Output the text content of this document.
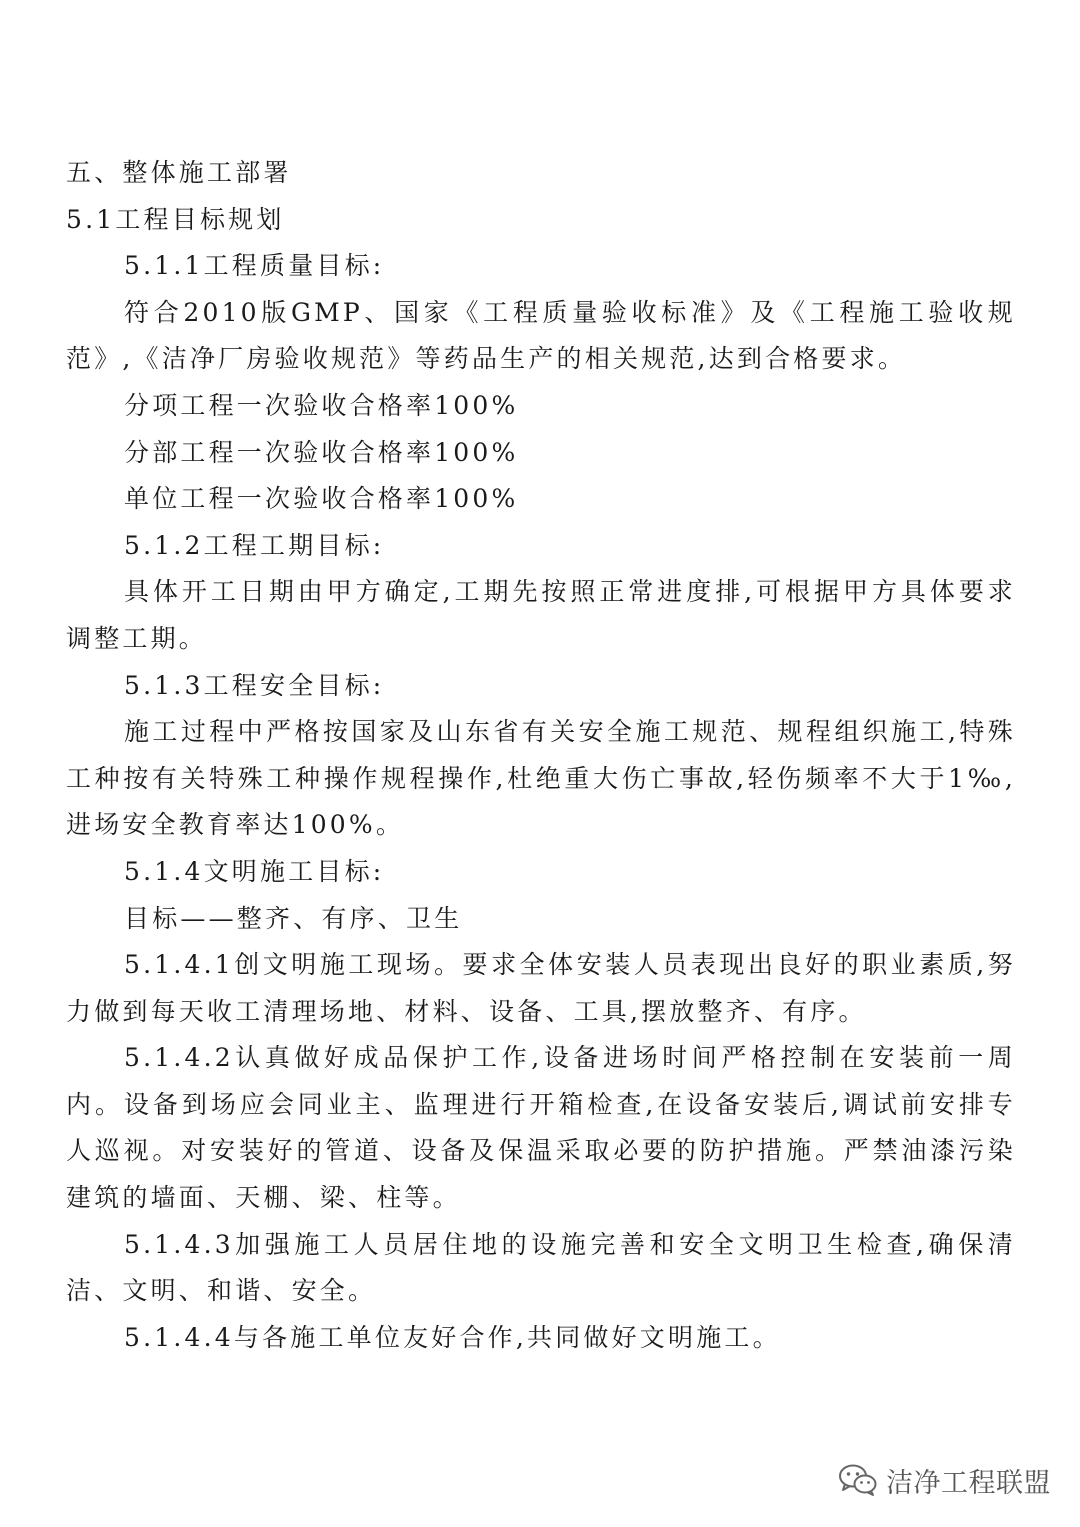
五、整体施工部署
5.1工程目标规划
5.1.1工程质量目标:
符合2010版GMP、国家《工程质量验收标准》及《工程施工验收规范》,《洁净厂房验收规范》等药品生产的相关规范,达到合格要求。
分项工程一次验收合格率100%
分部工程一次验收合格率100%
单位工程一次验收合格率100%
5.1.2工程工期目标:
具体开工日期由甲方确定,工期先按照正常进度排,可根据甲方具体要求调整工期。
5.1.3工程安全目标:
施工过程中严格按国家及山东省有关安全施工规范、规程组织施工,特殊工种按有关特殊工种操作规程操作,杜绝重大伤亡事故,轻伤频率不大于1‰,进场安全教育率达100%。
5.1.4文明施工目标:
目标——整齐、有序、卫生
5.1.4.1创文明施工现场。要求全体安装人员表现出良好的职业素质,努力做到每天收工清理场地、材料、设备、工具,摆放整齐、有序。
5.1.4.2认真做好成品保护工作,设备进场时间严格控制在安装前一周内。设备到场应会同业主、监理进行开箱检查,在设备安装后,调试前安排专人巡视。对安装好的管道、设备及保温采取必要的防护措施。严禁油漆污染建筑的墙面、天棚、梁、柱等。
5.1.4.3加强施工人员居住地的设施完善和安全文明卫生检查,确保清洁、文明、和谐、安全。
5.1.4.4与各施工单位友好合作,共同做好文明施工。
洁净工程联盟
